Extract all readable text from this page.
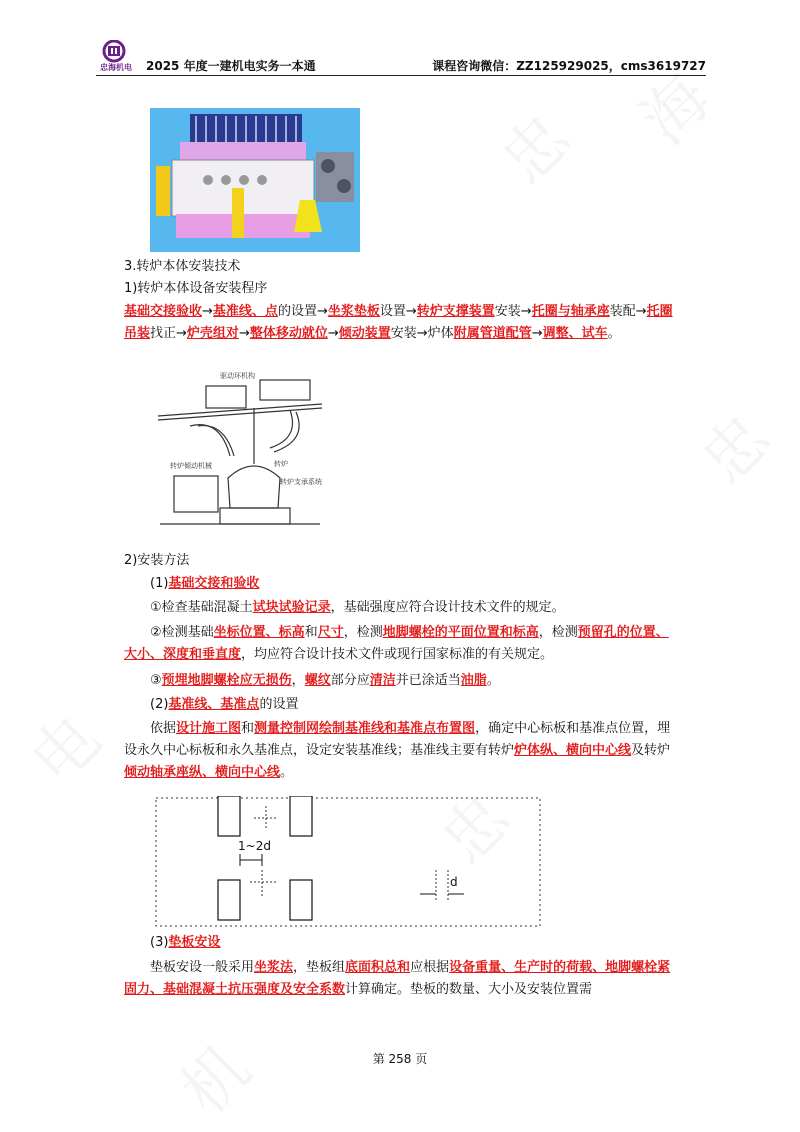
忠 海
忠
电
忠
机
忠海机电 2025 年度一建机电实务一本通	课程咨询微信：ZZ125929025，cms3619727
3.转炉本体安装技术
1)转炉本体设备安装程序
基础交接验收→基准线、点的设置→坐浆垫板设置→转炉支撑装置安装→托圈与轴承座装配→托圈吊装找正→炉壳组对→整体移动就位→倾动装置安装→炉体附属管道配管→调整、试车。
转炉倾动机械	转炉
转炉支承系统
驱动环机构
2)安装方法
(1)基础交接和验收
①检查基础混凝土试块试验记录，基础强度应符合设计技术文件的规定。
②检测基础坐标位置、标高和尺寸，检测地脚螺栓的平面位置和标高，检测预留孔的位置、大小、深度和垂直度，均应符合设计技术文件或现行国家标准的有关规定。
③预埋地脚螺栓应无损伤，螺纹部分应清洁并已涂适当油脂。
(2)基准线、基准点的设置
依据设计施工图和测量控制网绘制基准线和基准点布置图，确定中心标板和基准点位置，埋设永久中心标板和永久基准点，设定安装基准线；基准线主要有转炉炉体纵、横向中心线及转炉倾动轴承座纵、横向中心线。
1~2d
d
(3)垫板安设
垫板安设一般采用坐浆法，垫板组底面积总和应根据设备重量、生产时的荷载、地脚螺栓紧固力、基础混凝土抗压强度及安全系数计算确定。垫板的数量、大小及安装位置需
第 258 页
